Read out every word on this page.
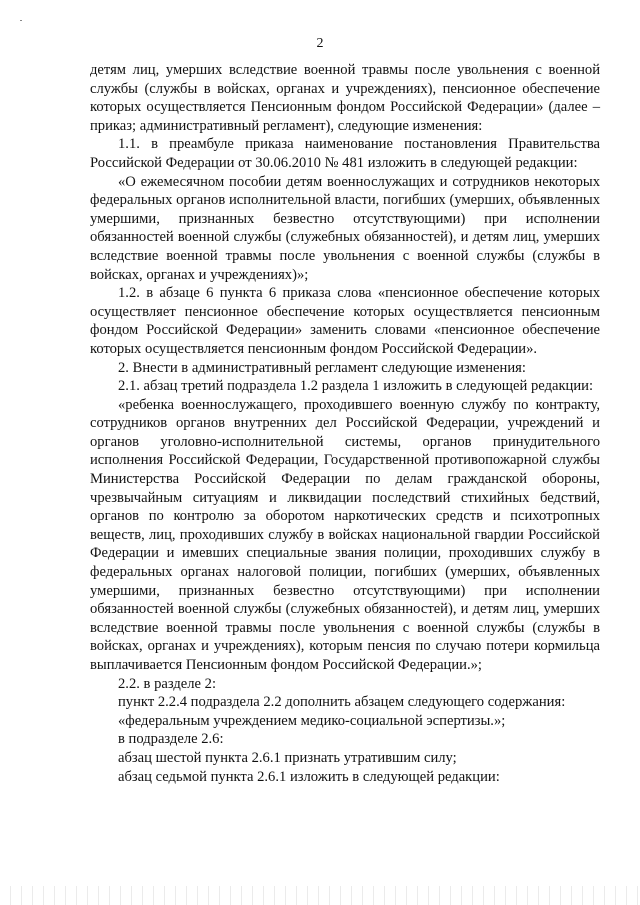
2

детям лиц, умерших вследствие военной травмы после увольнения с военной службы (службы в войсках, органах и учреждениях), пенсионное обеспечение которых осуществляется Пенсионным фондом Российской Федерации» (далее – приказ; административный регламент), следующие изменения:

1.1. в преамбуле приказа наименование постановления Правительства Российской Федерации от 30.06.2010 № 481 изложить в следующей редакции:

«О ежемесячном пособии детям военнослужащих и сотрудников некоторых федеральных органов исполнительной власти, погибших (умерших, объявленных умершими, признанных безвестно отсутствующими) при исполнении обязанностей военной службы (служебных обязанностей), и детям лиц, умерших вследствие военной травмы после увольнения с военной службы (службы в войсках, органах и учреждениях)»;

1.2. в абзаце 6 пункта 6 приказа слова «пенсионное обеспечение которых осуществляет пенсионное обеспечение которых осуществляется пенсионным фондом Российской Федерации» заменить словами «пенсионное обеспечение которых осуществляется пенсионным фондом Российской Федерации».

2. Внести в административный регламент следующие изменения:

2.1. абзац третий подраздела 1.2 раздела 1 изложить в следующей редакции:

«ребенка военнослужащего, проходившего военную службу по контракту, сотрудников органов внутренних дел Российской Федерации, учреждений и органов уголовно-исполнительной системы, органов принудительного исполнения Российской Федерации, Государственной противопожарной службы Министерства Российской Федерации по делам гражданской обороны, чрезвычайным ситуациям и ликвидации последствий стихийных бедствий, органов по контролю за оборотом наркотических средств и психотропных веществ, лиц, проходивших службу в войсках национальной гвардии Российской Федерации и имевших специальные звания полиции, проходивших службу в федеральных органах налоговой полиции, погибших (умерших, объявленных умершими, признанных безвестно отсутствующими) при исполнении обязанностей военной службы (служебных обязанностей), и детям лиц, умерших вследствие военной травмы после увольнения с военной службы (службы в войсках, органах и учреждениях), которым пенсия по случаю потери кормильца выплачивается Пенсионным фондом Российской Федерации.»;

2.2. в разделе 2:

пункт 2.2.4 подраздела 2.2 дополнить абзацем следующего содержания:

«федеральным учреждением медико-социальной эспертизы.»;

в подразделе 2.6:

абзац шестой пункта 2.6.1 признать утратившим силу;

абзац седьмой пункта 2.6.1 изложить в следующей редакции:
